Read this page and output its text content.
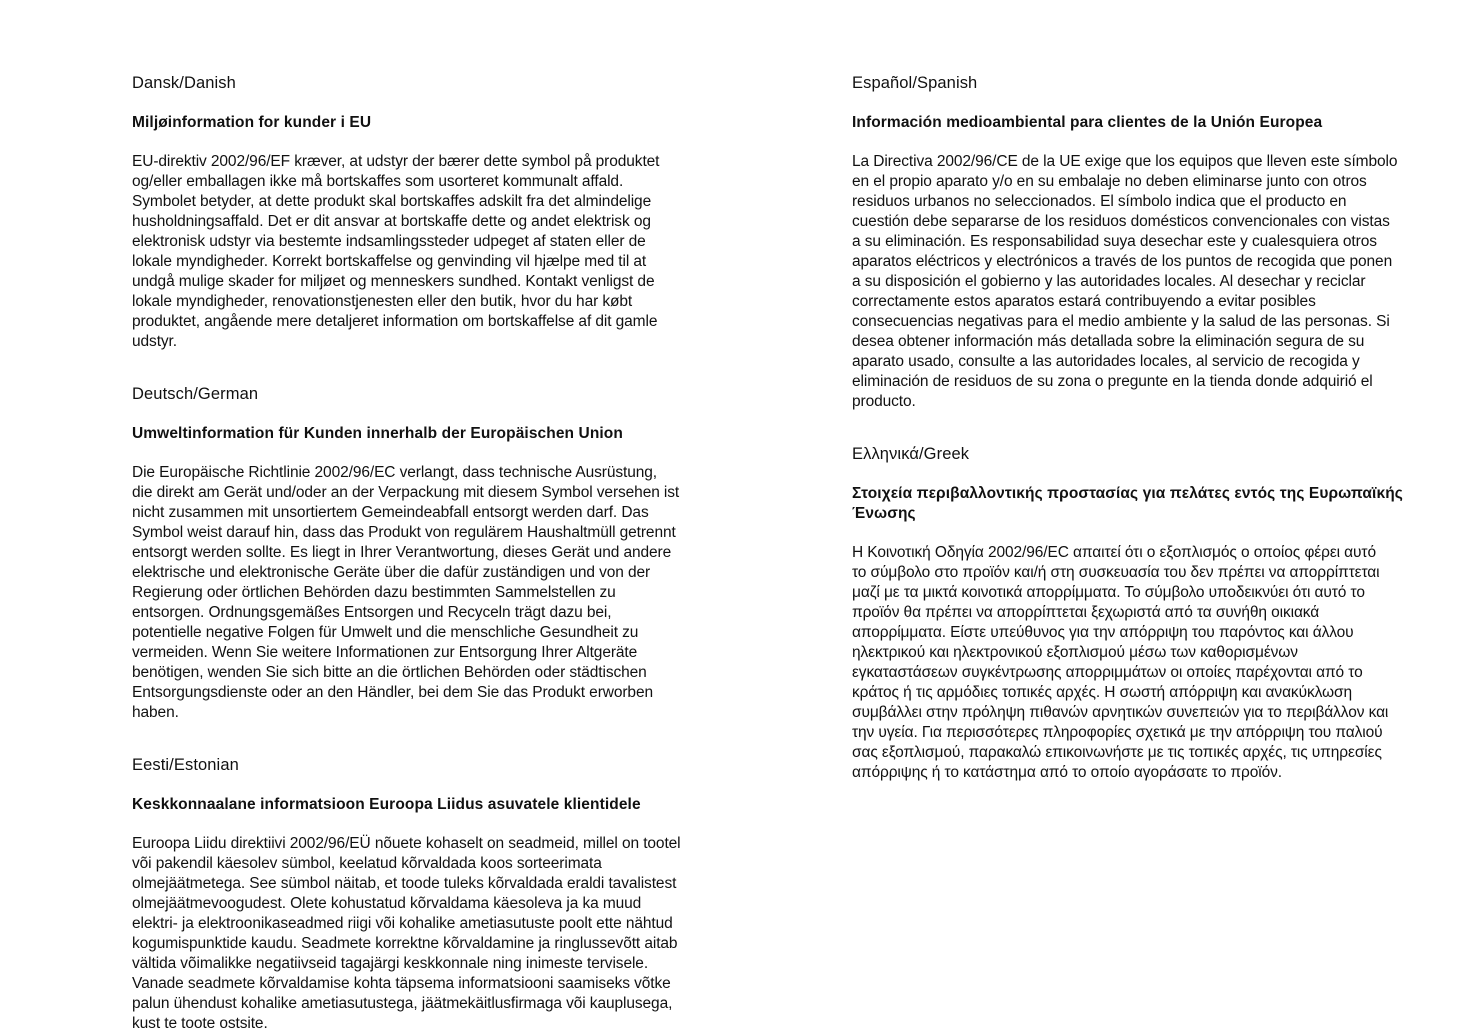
Dansk/Danish
Miljøinformation for kunder i EU

EU-direktiv 2002/96/EF kræver, at udstyr der bærer dette symbol på produktet
og/eller emballagen ikke må bortskaffes som usorteret kommunalt affald.
Symbolet betyder, at dette produkt skal bortskaffes adskilt fra det almindelige
husholdningsaffald. Det er dit ansvar at bortskaffe dette og andet elektrisk og
elektronisk udstyr via bestemte indsamlingssteder udpeget af staten eller de
lokale myndigheder. Korrekt bortskaffelse og genvinding vil hjælpe med til at
undgå mulige skader for miljøet og menneskers sundhed. Kontakt venligst de
lokale myndigheder, renovationstjenesten eller den butik, hvor du har købt
produktet, angående mere detaljeret information om bortskaffelse af dit gamle
udstyr.

Deutsch/German
Umweltinformation für Kunden innerhalb der Europäischen Union

Die Europäische Richtlinie 2002/96/EC verlangt, dass technische Ausrüstung,
die direkt am Gerät und/oder an der Verpackung mit diesem Symbol versehen ist
nicht zusammen mit unsortiertem Gemeindeabfall entsorgt werden darf. Das
Symbol weist darauf hin, dass das Produkt von regulärem Haushaltmüll getrennt
entsorgt werden sollte. Es liegt in Ihrer Verantwortung, dieses Gerät und andere
elektrische und elektronische Geräte über die dafür zuständigen und von der
Regierung oder örtlichen Behörden dazu bestimmten Sammelstellen zu
entsorgen. Ordnungsgemäßes Entsorgen und Recyceln trägt dazu bei,
potentielle negative Folgen für Umwelt und die menschliche Gesundheit zu
vermeiden. Wenn Sie weitere Informationen zur Entsorgung Ihrer Altgeräte
benötigen, wenden Sie sich bitte an die örtlichen Behörden oder städtischen
Entsorgungsdienste oder an den Händler, bei dem Sie das Produkt erworben
haben.

Eesti/Estonian
Keskkonnaalane informatsioon Euroopa Liidus asuvatele klientidele

Euroopa Liidu direktiivi 2002/96/EÜ nõuete kohaselt on seadmeid, millel on tootel
või pakendil käesolev sümbol, keelatud kõrvaldada koos sorteerimata
olmejäätmetega. See sümbol näitab, et toode tuleks kõrvaldada eraldi tavalistest
olmejäätmevoogudest. Olete kohustatud kõrvaldama käesoleva ja ka muud
elektri- ja elektroonikaseadmed riigi või kohalike ametiasutuste poolt ette nähtud
kogumispunktide kaudu. Seadmete korrektne kõrvaldamine ja ringlussevõtt aitab
vältida võimalikke negatiivseid tagajärgi keskkonnale ning inimeste tervisele.
Vanade seadmete kõrvaldamise kohta täpsema informatsiooni saamiseks võtke
palun ühendust kohalike ametiasutustega, jäätmekäitlusfirmaga või kauplusega,
kust te toote ostsite.

Español/Spanish
Información medioambiental para clientes de la Unión Europea

La Directiva 2002/96/CE de la UE exige que los equipos que lleven este símbolo
en el propio aparato y/o en su embalaje no deben eliminarse junto con otros
residuos urbanos no seleccionados. El símbolo indica que el producto en
cuestión debe separarse de los residuos domésticos convencionales con vistas
a su eliminación. Es responsabilidad suya desechar este y cualesquiera otros
aparatos eléctricos y electrónicos a través de los puntos de recogida que ponen
a su disposición el gobierno y las autoridades locales. Al desechar y reciclar
correctamente estos aparatos estará contribuyendo a evitar posibles
consecuencias negativas para el medio ambiente y la salud de las personas. Si
desea obtener información más detallada sobre la eliminación segura de su
aparato usado, consulte a las autoridades locales, al servicio de recogida y
eliminación de residuos de su zona o pregunte en la tienda donde adquirió el
producto.

Ελληνικά/Greek
Στοιχεία περιβαλλοντικής προστασίας για πελάτες εντός της Ευρωπαϊκής
Ένωσης

Η Κοινοτική Οδηγία 2002/96/EC απαιτεί ότι ο εξοπλισμός ο οποίος φέρει αυτό
το σύμβολο στο προϊόν και/ή στη συσκευασία του δεν πρέπει να απορρίπτεται
μαζί με τα μικτά κοινοτικά απορρίμματα. Το σύμβολο υποδεικνύει ότι αυτό το
προϊόν θα πρέπει να απορρίπτεται ξεχωριστά από τα συνήθη οικιακά
απορρίμματα. Είστε υπεύθυνος για την απόρριψη του παρόντος και άλλου
ηλεκτρικού και ηλεκτρονικού εξοπλισμού μέσω των καθορισμένων
εγκαταστάσεων συγκέντρωσης απορριμμάτων οι οποίες παρέχονται από το
κράτος ή τις αρμόδιες τοπικές αρχές. Η σωστή απόρριψη και ανακύκλωση
συμβάλλει στην πρόληψη πιθανών αρνητικών συνεπειών για το περιβάλλον και
την υγεία. Για περισσότερες πληροφορίες σχετικά με την απόρριψη του παλιού
σας εξοπλισμού, παρακαλώ επικοινωνήστε με τις τοπικές αρχές, τις υπηρεσίες
απόρριψης ή το κατάστημα από το οποίο αγοράσατε το προϊόν.
